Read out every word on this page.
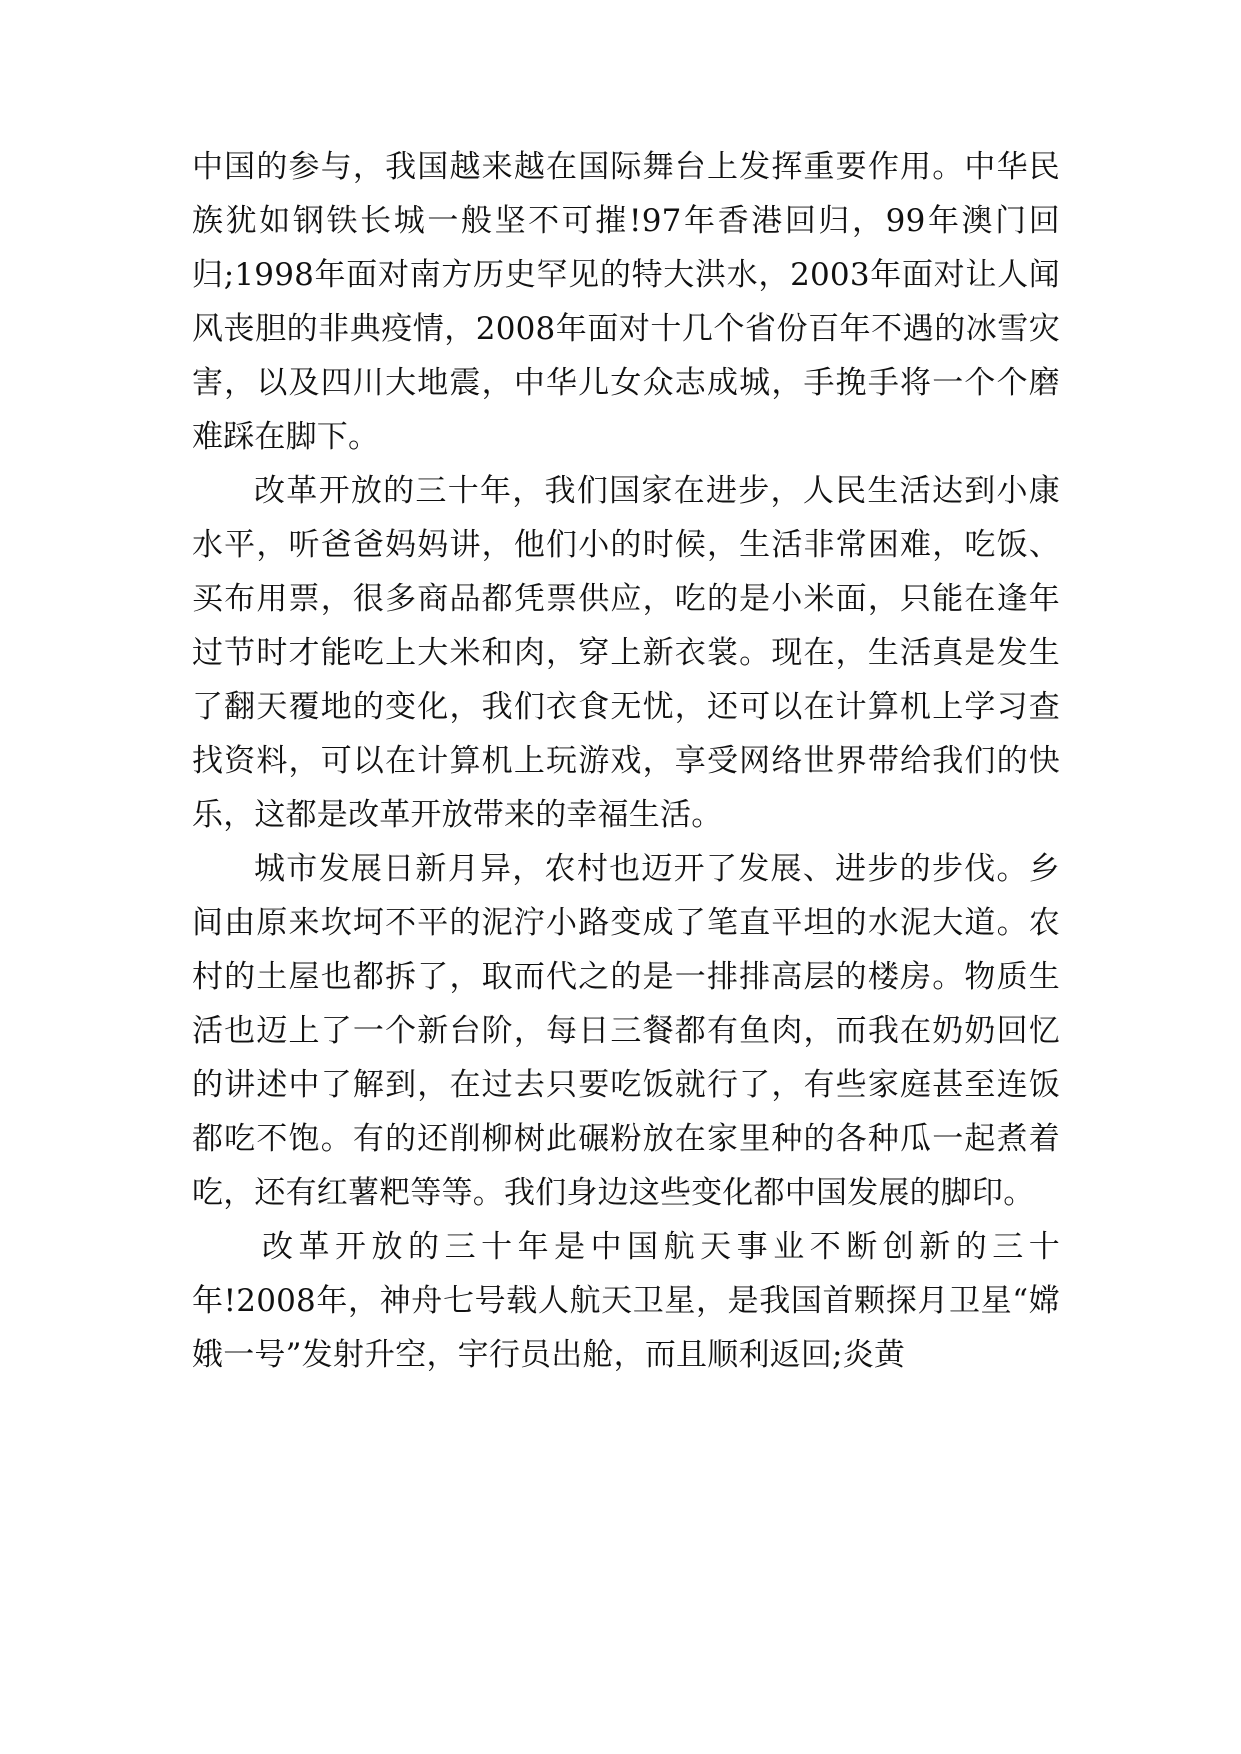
中国的参与，我国越来越在国际舞台上发挥重要作用。中华民族犹如钢铁长城一般坚不可摧!97年香港回归，99年澳门回归;1998年面对南方历史罕见的特大洪水，2003年面对让人闻风丧胆的非典疫情，2008年面对十几个省份百年不遇的冰雪灾害，以及四川大地震，中华儿女众志成城，手挽手将一个个磨难踩在脚下。

改革开放的三十年，我们国家在进步，人民生活达到小康水平，听爸爸妈妈讲，他们小的时候，生活非常困难，吃饭、买布用票，很多商品都凭票供应，吃的是小米面，只能在逢年过节时才能吃上大米和肉，穿上新衣裳。现在，生活真是发生了翻天覆地的变化，我们衣食无忧，还可以在计算机上学习查找资料，可以在计算机上玩游戏，享受网络世界带给我们的快乐，这都是改革开放带来的幸福生活。

城市发展日新月异，农村也迈开了发展、进步的步伐。乡间由原来坎坷不平的泥泞小路变成了笔直平坦的水泥大道。农村的土屋也都拆了，取而代之的是一排排高层的楼房。物质生活也迈上了一个新台阶，每日三餐都有鱼肉，而我在奶奶回忆的讲述中了解到，在过去只要吃饭就行了，有些家庭甚至连饭都吃不饱。有的还削柳树此碾粉放在家里种的各种瓜一起煮着吃，还有红薯粑等等。我们身边这些变化都中国发展的脚印。

改革开放的三十年是中国航天事业不断创新的三十年!2008年，神舟七号载人航天卫星，是我国首颗探月卫星“嫦娥一号”发射升空，宇行员出舱，而且顺利返回;炎黄
